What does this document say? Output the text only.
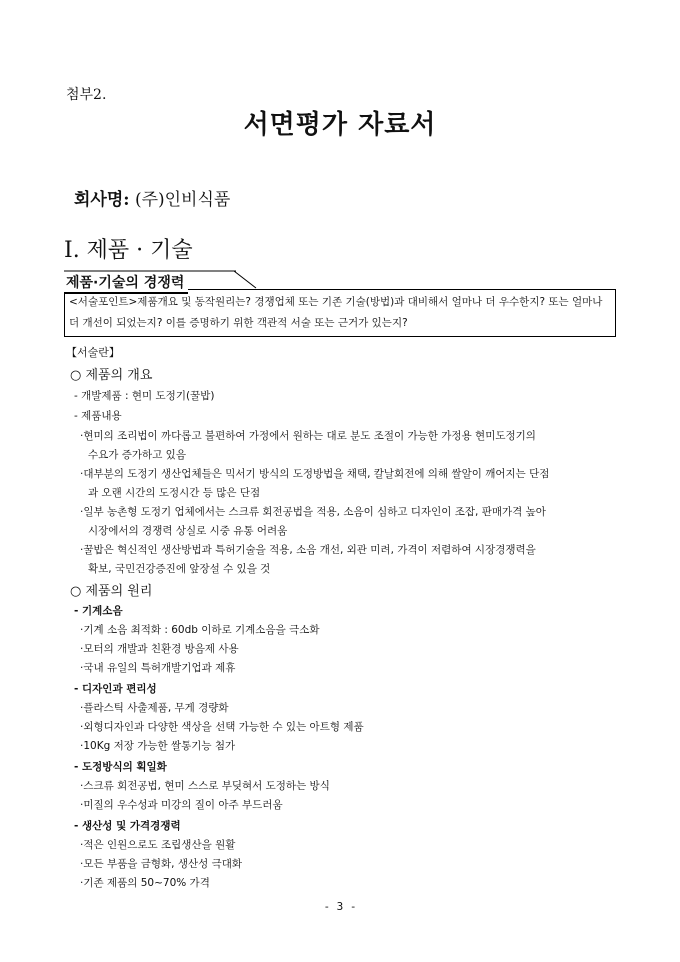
첨부2.
서면평가 자료서
회사명: (주)인비식품
Ⅰ. 제품 · 기술
제품·기술의 경쟁력
<서술포인트>제품개요 및 동작원리는? 경쟁업체 또는 기존 기술(방법)과 대비해서 얼마나 더 우수한지? 또는 얼마나 더 개선이 되었는지? 이를 증명하기 위한 객관적 서술 또는 근거가 있는지?
【서술란】
○ 제품의 개요
- 개발제품 : 현미 도정기(꿀밥)
- 제품내용
·현미의 조리법이 까다롭고 불편하여 가정에서 원하는 대로 분도 조절이 가능한 가정용 현미도정기의
수요가 증가하고 있음
·대부분의 도정기 생산업체들은 믹서기 방식의 도정방법을 채택, 칼날회전에 의해 쌀알이 깨어지는 단점
과 오랜 시간의 도정시간 등 많은 단점
·일부 농촌형 도정기 업체에서는 스크류 회전공법을 적용, 소음이 심하고 디자인이 조잡, 판매가격 높아
시장에서의 경쟁력 상실로 시중 유통 어려움
·꿀밥은 혁신적인 생산방법과 특허기술을 적용, 소음 개선, 외관 미려, 가격이 저렴하여 시장경쟁력을
확보, 국민건강증진에 앞장설 수 있을 것
○ 제품의 원리
- 기계소음
·기계 소음 최적화 : 60db 이하로 기계소음을 극소화
·모터의 개발과 친환경 방음제 사용
·국내 유일의 특허개발기업과 제휴
- 디자인과 편리성
·플라스틱 사출제품, 무게 경량화
·외형디자인과 다양한 색상을 선택 가능한 수 있는 아트형 제품
·10Kg 저장 가능한 쌀통기능 첨가
- 도정방식의 획일화
·스크류 회전공법, 현미 스스로 부딪혀서 도정하는 방식
·미질의 우수성과 미강의 질이 아주 부드러움
- 생산성 및 가격경쟁력
·적은 인원으로도 조립생산을 원활
·모든 부품을 금형화, 생산성 극대화
·기존 제품의 50~70% 가격
- 3 -
